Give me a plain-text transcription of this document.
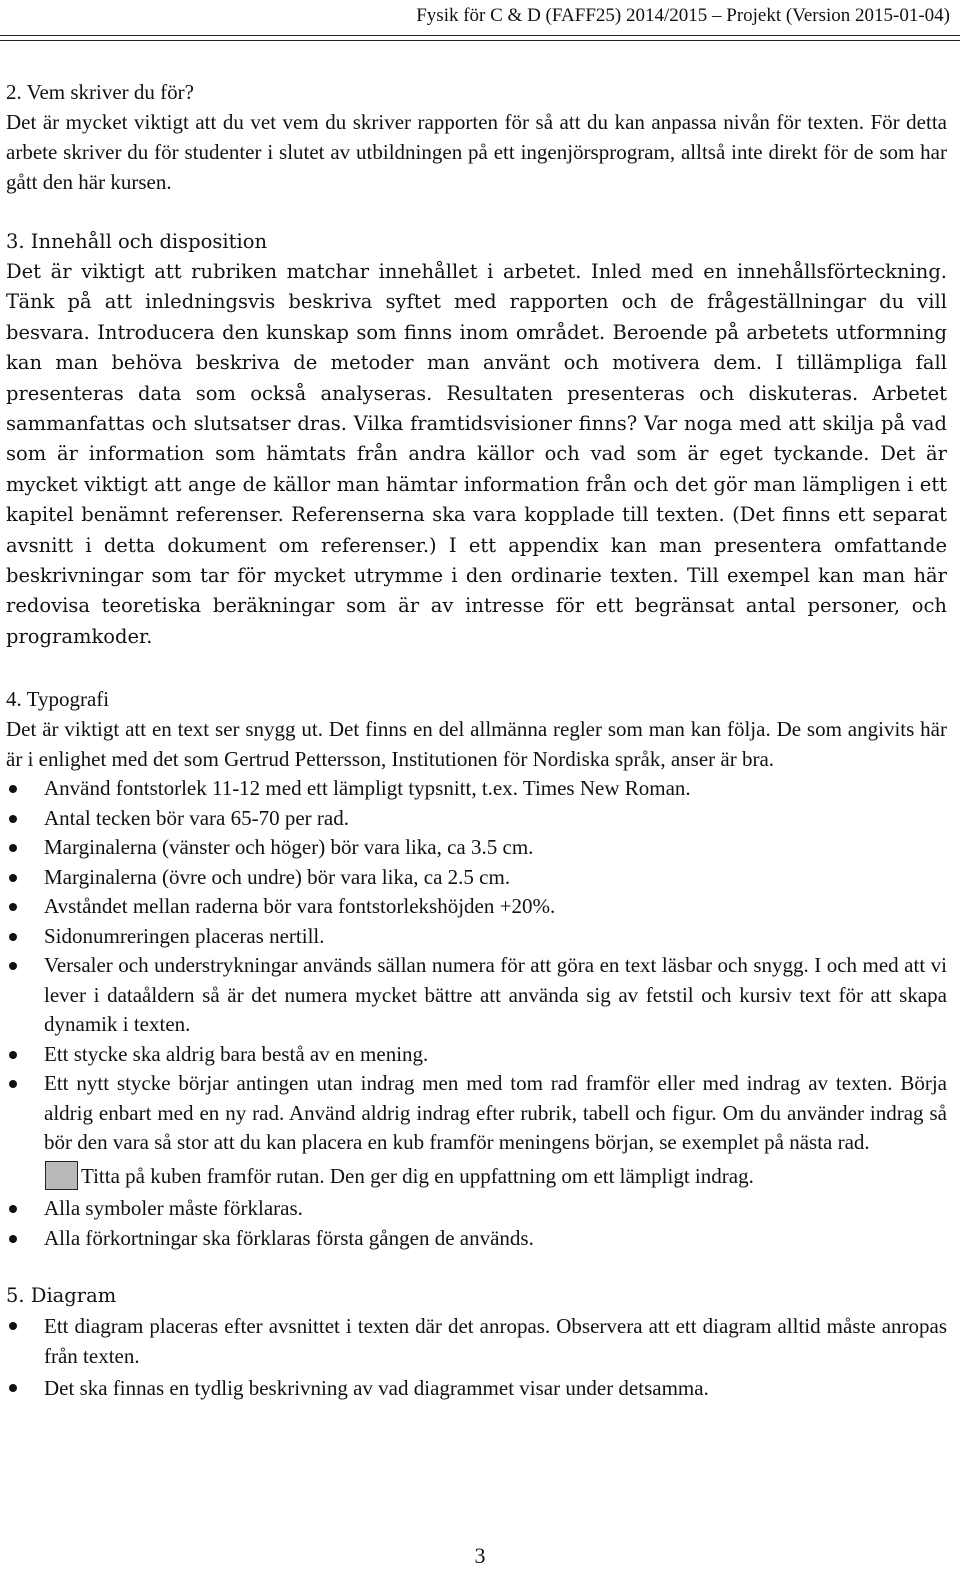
Fysik för C & D (FAFF25) 2014/2015 – Projekt (Version 2015-01-04)

2. Vem skriver du för?

Det är mycket viktigt att du vet vem du skriver rapporten för så att du kan anpassa nivån för texten. För detta arbete skriver du för studenter i slutet av utbildningen på ett ingenjörsprogram, alltså inte direkt för de som har gått den här kursen.

3. Innehåll och disposition

Det är viktigt att rubriken matchar innehållet i arbetet. Inled med en innehållsförteckning. Tänk på att inledningsvis beskriva syftet med rapporten och de frågeställningar du vill besvara. Introducera den kunskap som finns inom området. Beroende på arbetets utformning kan man behöva beskriva de metoder man använt och motivera dem. I tillämpliga fall presenteras data som också analyseras. Resultaten presenteras och diskuteras. Arbetet sammanfattas och slutsatser dras. Vilka framtidsvisioner finns? Var noga med att skilja på vad som är information som hämtats från andra källor och vad som är eget tyckande. Det är mycket viktigt att ange de källor man hämtar information från och det gör man lämpligen i ett kapitel benämnt referenser. Referenserna ska vara kopplade till texten. (Det finns ett separat avsnitt i detta dokument om referenser.) I ett appendix kan man presentera omfattande beskrivningar som tar för mycket utrymme i den ordinarie texten. Till exempel kan man här redovisa teoretiska beräkningar som är av intresse för ett begränsat antal personer, och programkoder.

4. Typografi

Det är viktigt att en text ser snygg ut. Det finns en del allmänna regler som man kan följa. De som angivits här är i enlighet med det som Gertrud Pettersson, Institutionen för Nordiska språk, anser är bra.

Använd fontstorlek 11-12 med ett lämpligt typsnitt, t.ex. Times New Roman.
Antal tecken bör vara 65-70 per rad.
Marginalerna (vänster och höger) bör vara lika, ca 3.5 cm.
Marginalerna (övre och undre) bör vara lika, ca 2.5 cm.
Avståndet mellan raderna bör vara fontstorlekshöjden +20%.
Sidonumreringen placeras nertill.
Versaler och understrykningar används sällan numera för att göra en text läsbar och snygg. I och med att vi lever i dataåldern så är det numera mycket bättre att använda sig av fetstil och kursiv text för att skapa dynamik i texten.
Ett stycke ska aldrig bara bestå av en mening.
Ett nytt stycke börjar antingen utan indrag men med tom rad framför eller med indrag av texten. Börja aldrig enbart med en ny rad. Använd aldrig indrag efter rubrik, tabell och figur. Om du använder indrag så bör den vara så stor att du kan placera en kub framför meningens början, se exemplet på nästa rad.

Titta på kuben framför rutan. Den ger dig en uppfattning om ett lämpligt indrag.

Alla symboler måste förklaras.
Alla förkortningar ska förklaras första gången de används.

5. Diagram

Ett diagram placeras efter avsnittet i texten där det anropas. Observera att ett diagram alltid måste anropas från texten.
Det ska finnas en tydlig beskrivning av vad diagrammet visar under detsamma.
3
